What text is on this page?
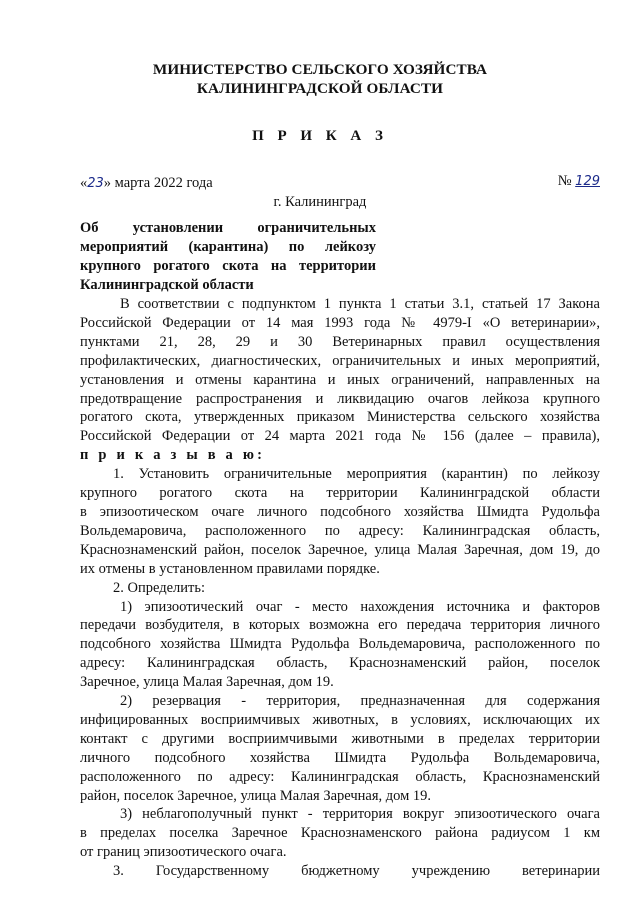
МИНИСТЕРСТВО СЕЛЬСКОГО ХОЗЯЙСТВА
КАЛИНИНГРАДСКОЙ ОБЛАСТИ
П Р И К А З
«23» марта 2022 года	№ 129
г. Калининград
Об установлении ограничительных
мероприятий (карантина) по лейкозу
крупного рогатого скота на территории
Калининградской области
В соответствии с подпунктом 1 пункта 1 статьи 3.1, статьей 17 Закона
Российской Федерации от 14 мая 1993 года № 4979-I «О ветеринарии»,
пунктами 21, 28, 29 и 30 Ветеринарных правил осуществления
профилактических, диагностических, ограничительных и иных мероприятий,
установления и отмены карантина и иных ограничений, направленных на
предотвращение распространения и ликвидацию очагов лейкоза крупного
рогатого скота, утвержденных приказом Министерства сельского хозяйства
Российской Федерации от 24 марта 2021 года № 156 (далее – правила),
п р и к а з ы в а ю:
1. Установить ограничительные мероприятия (карантин) по лейкозу
крупного рогатого скота на территории Калининградской области
в эпизоотическом очаге личного подсобного хозяйства Шмидта Рудольфа
Вольдемаровича, расположенного по адресу: Калининградская область,
Краснознаменский район, поселок Заречное, улица Малая Заречная, дом 19, до
их отмены в установленном правилами порядке.
2. Определить:
1) эпизоотический очаг - место нахождения источника и факторов
передачи возбудителя, в которых возможна его передача территория личного
подсобного хозяйства Шмидта Рудольфа Вольдемаровича, расположенного по
адресу: Калининградская область, Краснознаменский район, поселок
Заречное, улица Малая Заречная, дом 19.
2) резервация - территория, предназначенная для содержания
инфицированных восприимчивых животных, в условиях, исключающих их
контакт с другими восприимчивыми животными в пределах территории
личного подсобного хозяйства Шмидта Рудольфа Вольдемаровича,
расположенного по адресу: Калининградская область, Краснознаменский
район, поселок Заречное, улица Малая Заречная, дом 19.
3) неблагополучный пункт - территория вокруг эпизоотического очага
в пределах поселка Заречное Краснознаменского района радиусом 1 км
от границ эпизоотического очага.
3. Государственному бюджетному учреждению ветеринарии
